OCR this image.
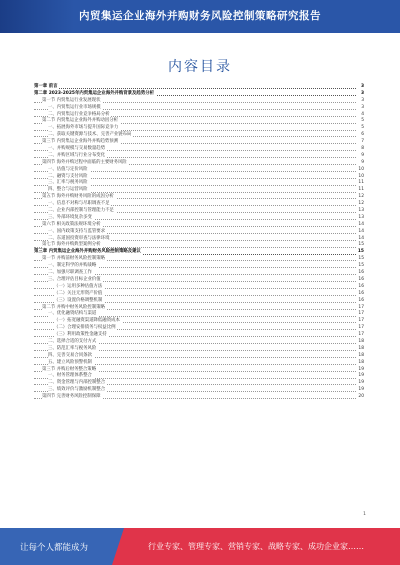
内贸集运企业海外并购财务风险控制策略研究报告
内容目录
第一章 前言	3
第二章 2023-2025年内贸集运企业海外并购背景及趋势分析	3
第一节 内贸集运行业发展现状	3
一、内贸集运行业市场规模	3
二、内贸集运行业竞争格局分析	4
第二节 内贸集运企业海外并购动因分析	5
一、拓展海外市场与提升国际竞争力	5
二、获取关键资源与技术、完善产业链布局	6
第三节 内贸集运企业海外并购趋势预测	7
一、并购规模与交易数量趋势	8
二、并购区域与行业分布变化	9
第四节 海外并购过程中面临的主要财务风险	9
一、估值与定价风险	10
二、融资与支付风险	10
三、汇率与税务风险	11
四、整合与运营风险	11
第五节 海外并购财务风险的成因分析	12
一、信息不对称与尽职调查不足	12
二、企业内部控制与管理能力不足	13
三、外部环境复杂多变	13
第六节 相关政策法规环境分析	14
一、国内政策支持与监管要求	14
二、东道国投资审查与法律环境	14
第七节 海外并购典型案例分析	15
第三章 内贸集运企业海外并购财务风险控制策略及建议	15
第一节 并购前财务风险控制策略	15
一、制定科学的并购战略	15
二、加强尽职调查工作	16
三、合理评估目标企业价值	16
（一）运用多种估值方法	16
（二）关注无形资产价值	16
（三）设置价格调整机制	16
第二节 并购中财务风险控制策略	17
一、优化融资结构与渠道	17
（一）拓宽融资渠道降低融资成本	17
（二）合理安排债务与权益比例	17
（三）利用政策性金融支持	17
二、选择合适的支付方式	18
三、防范汇率与税务风险	18
四、完善交易合同条款	18
五、建立风险预警机制	18
第三节 并购后财务整合策略	19
一、财务管理体系整合	19
二、资金管理与内部控制整合	19
三、绩效评价与激励机制整合	19
第四节 完善财务风险控制保障	20
1
让每个人都能成为	行业专家、管理专家、营销专家、战略专家、成功企业家……
